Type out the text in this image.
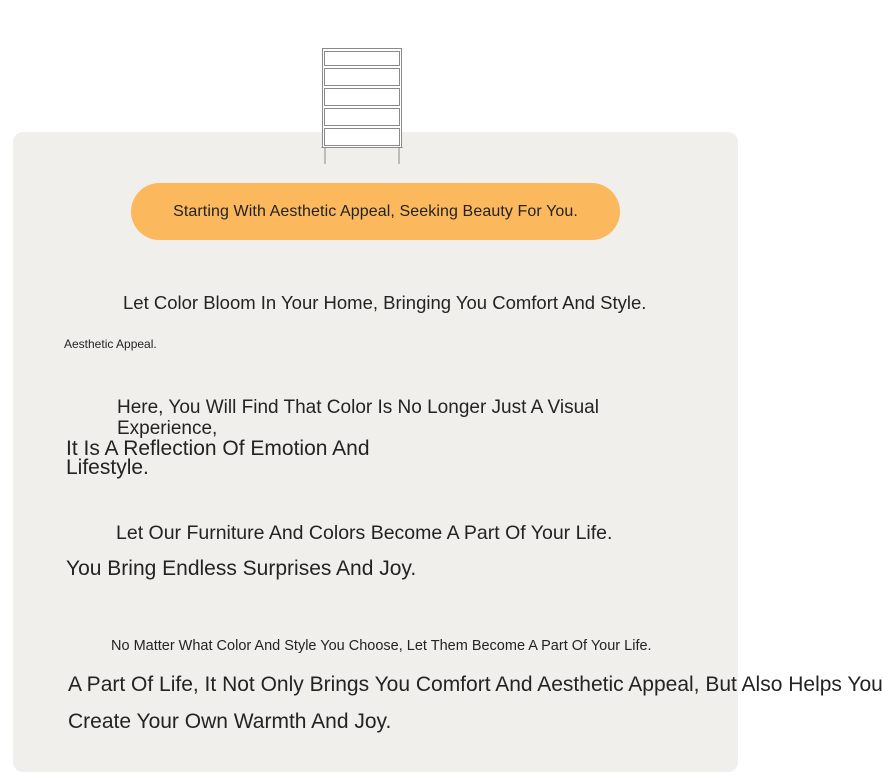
Starting With Aesthetic Appeal, Seeking Beauty For You.
Let Color Bloom In Your Home, Bringing You Comfort And Style.
Aesthetic Appeal.
Here, You Will Find That Color Is No Longer Just A Visual Experience,
It Is A Reflection Of Emotion And Lifestyle.
Let Our Furniture And Colors Become A Part Of Your Life.
You Bring Endless Surprises And Joy.
No Matter What Color And Style You Choose, Let Them Become A Part Of Your Life.
A Part Of Life, It Not Only Brings You Comfort And Aesthetic Appeal, But Also Helps You
Create Your Own Warmth And Joy.
